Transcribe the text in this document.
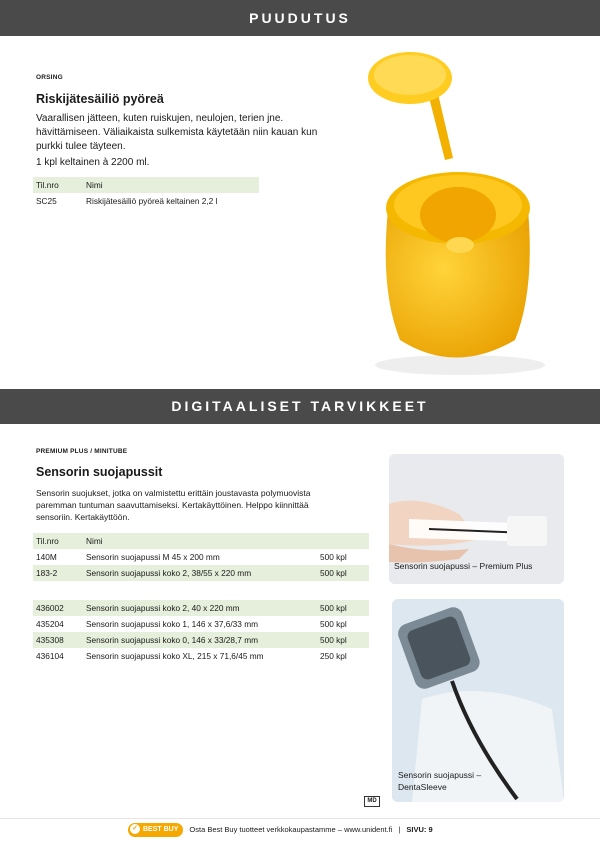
PUUDUTUS
ORSING
Riskijätesäiliö pyöreä
Vaarallisen jätteen, kuten ruiskujen, neulojen, terien jne. hävittämiseen. Väliaikaista sulkemista käytetään niin kauan kun purkki tulee täyteen.
1 kpl keltainen à 2200 ml.
Til.nro	Nimi
SC25	Riskijätesäiliö pyöreä keltainen 2,2 l
DIGITAALISET TARVIKKEET
PREMIUM PLUS / MINITUBE
Sensorin suojapussit
Sensorin suojukset, jotka on valmistettu erittäin joustavasta polymuovista paremman tuntuman saavuttamiseksi. Kertakäyttöinen. Helppo kiinnittää sensoriin. Kertakäyttöön.
Til.nro	Nimi	
140M	Sensorin suojapussi M 45 x 200 mm	500 kpl
183-2	Sensorin suojapussi koko 2, 38/55 x 220 mm	500 kpl
436002	Sensorin suojapussi koko 2, 40 x 220 mm	500 kpl
435204	Sensorin suojapussi koko 1, 146 x 37,6/33 mm	500 kpl
435308	Sensorin suojapussi koko 0, 146 x 33/28,7 mm	500 kpl
436104	Sensorin suojapussi koko XL, 215 x 71,6/45 mm	250 kpl
Sensorin suojapussi – Premium Plus
Sensorin suojapussi –
DentaSleeve
MD
✓ BEST BUY	Osta Best Buy tuotteet verkkokaupastamme – www.unident.fi | SIVU: 9
